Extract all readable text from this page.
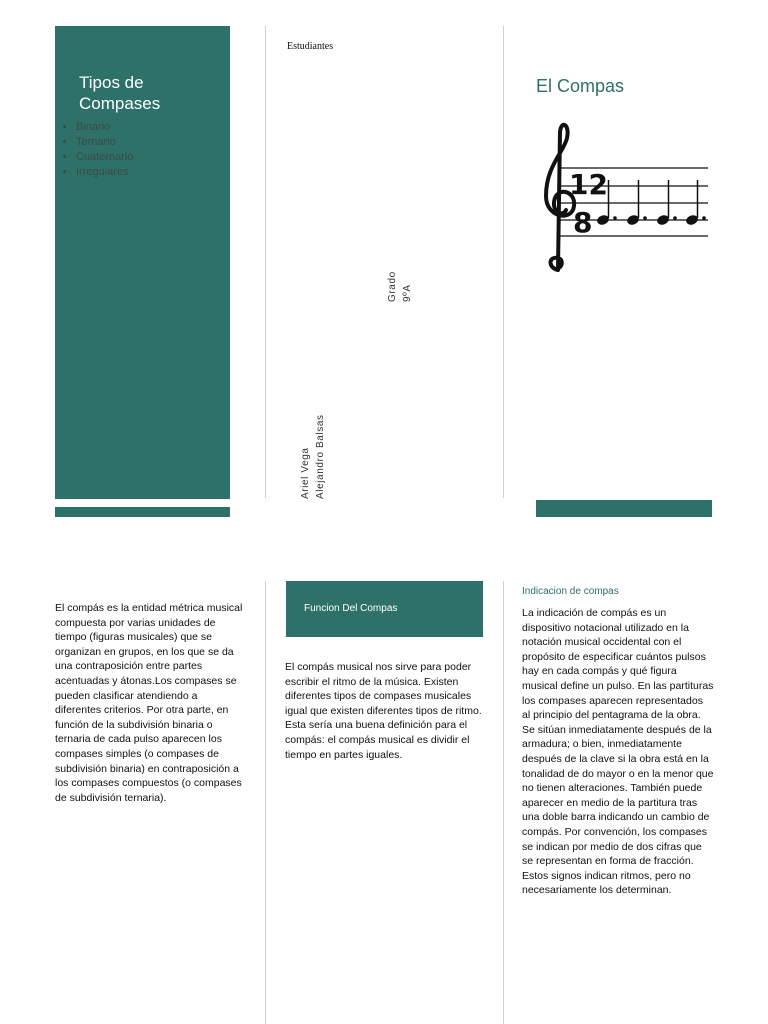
Tipos de Compases
• Binario
• Ternario
• Cuaternario
• Irregulares
Estudiantes
Grado 9ºA
Ariel Vega Alejandro Balsas
El Compas
12
8
El compás es la entidad métrica musical compuesta por varias unidades de tiempo (figuras musicales) que se organizan en grupos, en los que se da una contraposición entre partes acentuadas y átonas.Los compases se pueden clasificar atendiendo a diferentes criterios. Por otra parte, en función de la subdivisión binaria o ternaria de cada pulso aparecen los compases simples (o compases de subdivisión binaria) en contraposición a los compases compuestos (o compases de subdivisión ternaria).
Funcion Del Compas
El compás musical nos sirve para poder escribir el ritmo de la música. Existen diferentes tipos de compases musicales igual que existen diferentes tipos de ritmo. Esta sería una buena definición para el compás: el compás musical es dividir el tiempo en partes iguales.
Indicacion de compas
La indicación de compás es un dispositivo notacional utilizado en la notación musical occidental con el propósito de especificar cuántos pulsos hay en cada compás y qué figura musical define un pulso. En las partituras los compases aparecen representados al principio del pentagrama de la obra. Se sitúan inmediatamente después de la armadura; o bien, inmediatamente después de la clave si la obra está en la tonalidad de do mayor o en la menor que no tienen alteraciones. También puede aparecer en medio de la partitura tras una doble barra indicando un cambio de compás. Por convención, los compases se indican por medio de dos cifras que se representan en forma de fracción. Estos signos indican ritmos, pero no necesariamente los determinan.
